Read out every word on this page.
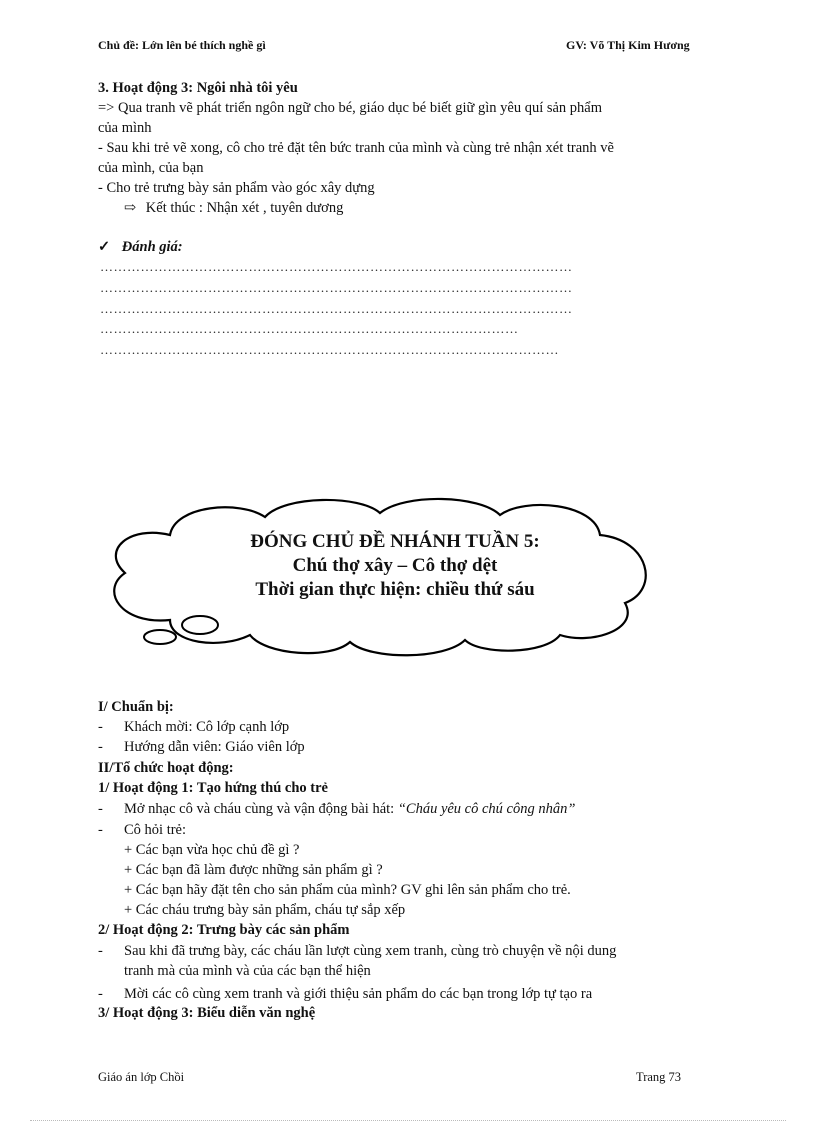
Chủ đề: Lớn lên bé thích nghề gì	GV: Võ Thị Kim Hương
3. Hoạt động 3: Ngôi nhà tôi yêu
=> Qua tranh vẽ phát triển ngôn ngữ cho bé, giáo dục bé biết giữ gìn yêu quí sản phẩm
của mình
- Sau khi trẻ vẽ xong, cô cho trẻ đặt tên bức tranh của mình và cùng trẻ nhận xét tranh vẽ
của mình, của bạn
- Cho trẻ trưng bày sản phẩm vào góc xây dựng
⇨ Kết thúc : Nhận xét , tuyên dương
✓ Đánh giá:
……………………………………………………………………………………………
……………………………………………………………………………………………
……………………………………………………………………………………………
…………………………………………………………………………………
…………………………………………………………………………………………
ĐÓNG CHỦ ĐỀ NHÁNH TUẦN 5:
Chú thợ xây – Cô thợ dệt
Thời gian thực hiện: chiều thứ sáu
I/ Chuẩn bị:
- Khách mời: Cô lớp cạnh lớp
- Hướng dẫn viên: Giáo viên lớp
II/Tổ chức hoạt động:
1/ Hoạt động 1: Tạo hứng thú cho trẻ
- Mở nhạc cô và cháu cùng và vận động bài hát: “Cháu yêu cô chú công nhân”
- Cô hỏi trẻ:
+ Các bạn vừa học chủ đề gì ?
+ Các bạn đã làm được những sản phẩm gì ?
+ Các bạn hãy đặt tên cho sản phẩm của mình? GV ghi lên sản phẩm cho trẻ.
+ Các cháu trưng bày sản phẩm, cháu tự sắp xếp
2/ Hoạt động 2: Trưng bày các sản phẩm
- Sau khi đã trưng bày, các cháu lần lượt cùng xem tranh, cùng trò chuyện về nội dung
tranh mà của mình và của các bạn thể hiện
- Mời các cô cùng xem tranh và giới thiệu sản phẩm do các bạn trong lớp tự tạo ra
3/ Hoạt động 3: Biểu diễn văn nghệ
Giáo án lớp Chồi	Trang 73
